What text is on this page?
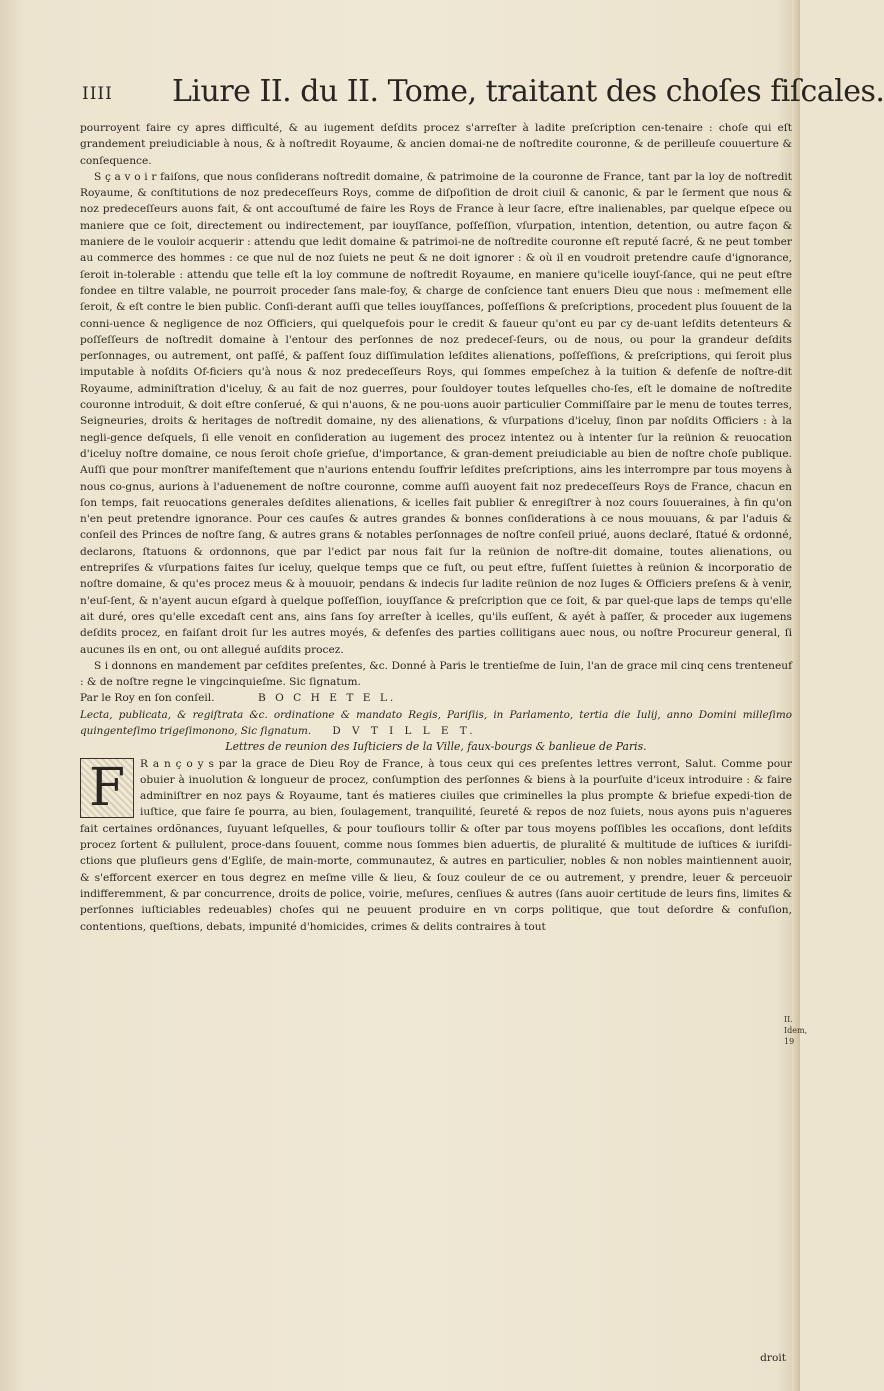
IIII Liure II. du II. Tome, traitant des choſes fiſcales.

pourroyent faire cy apres difficulté, & au iugement deſdits procez s'arreſter à ladite preſcription cen-tenaire : choſe qui eſt grandement preiudiciable à nous, & à noſtredit Royaume, & ancien domai-ne de noſtredite couronne, & de perilleuſe couuerture & conſequence.

S ç a v o i r faiſons, que nous conſiderans noſtredit domaine, & patrimoine de la couronne de France, tant par la loy de noſtredit Royaume, & conſtitutions de noz predeceſſeurs Roys, comme de diſpoſition de droit ciuil & canonic, & par le ſerment que nous & noz predeceſſeurs auons fait, & ont accouſtumé de faire les Roys de France à leur ſacre, eſtre inalienables, par quelque eſpece ou maniere que ce ſoit, directement ou indirectement, par iouyſſance, poſſeſſion, vſurpation, intention, detention, ou autre façon & maniere de le vouloir acquerir : attendu que ledit domaine & patrimoi-ne de noſtredite couronne eſt reputé ſacré, & ne peut tomber au commerce des hommes : ce que nul de noz ſuiets ne peut & ne doit ignorer : & où il en voudroit pretendre cauſe d'ignorance, ſeroit in-tolerable : attendu que telle eſt la loy commune de noſtredit Royaume, en maniere qu'icelle iouyſ-ſance, qui ne peut eſtre fondee en tiltre valable, ne pourroit proceder ſans male-foy, & charge de conſcience tant enuers Dieu que nous : meſmement elle ſeroit, & eſt contre le bien public. Conſi-derant auſſi que telles iouyſſances, poſſeſſions & preſcriptions, procedent plus ſouuent de la conni-uence & negligence de noz Officiers, qui quelquefois pour le credit & faueur qu'ont eu par cy de-uant leſdits detenteurs & poſſeſſeurs de noſtredit domaine à l'entour des perſonnes de noz predeceſ-ſeurs, ou de nous, ou pour la grandeur deſdits perſonnages, ou autrement, ont paſſé, & paſſent ſouz diſſimulation leſdites alienations, poſſeſſions, & preſcriptions, qui ſeroit plus imputable à noſdits Of-ficiers qu'à nous & noz predeceſſeurs Roys, qui ſommes empeſchez à la tuition & defenſe de noſtre-dit Royaume, adminiſtration d'iceluy, & au fait de noz guerres, pour ſouldoyer toutes leſquelles cho-ſes, eſt le domaine de noſtredite couronne introduit, & doit eſtre conſerué, & qui n'auons, & ne pou-uons auoir particulier Commiſſaire par le menu de toutes terres, Seigneuries, droits & heritages de noſtredit domaine, ny des alienations, & vſurpations d'iceluy, ſinon par noſdits Officiers : à la negli-gence deſquels, ſi elle venoit en conſideration au iugement des procez intentez ou à intenter ſur la reünion & reuocation d'iceluy noſtre domaine, ce nous ſeroit choſe grieſue, d'importance, & gran-dement preiudiciable au bien de noſtre choſe publique. Auſſi que pour monſtrer manifeſtement que n'aurions entendu ſouffrir leſdites preſcriptions, ains les interrompre par tous moyens à nous co-gnus, aurions à l'aduenement de noſtre couronne, comme auſſi auoyent fait noz predeceſſeurs Roys de France, chacun en ſon temps, fait reuocations generales deſdites alienations, & icelles fait publier & enregiſtrer à noz cours ſouueraines, à fin qu'on n'en peut pretendre ignorance. Pour ces cauſes & autres grandes & bonnes conſiderations à ce nous mouuans, & par l'aduis & conſeil des Princes de noſtre ſang, & autres grans & notables perſonnages de noſtre conſeil priué, auons declaré, ſtatué & ordonné, declarons, ſtatuons & ordonnons, que par l'edict par nous fait ſur la reünion de noſtre-dit domaine, toutes alienations, ou entrepriſes & vſurpations faites ſur iceluy, quelque temps que ce fuſt, ou peut eſtre, fuſſent ſuiettes à reünion & incorporatio de noſtre domaine, & qu'es procez meus & à mouuoir, pendans & indecis ſur ladite reünion de noz Iuges & Officiers preſens & à venir, n'euſ-ſent, & n'ayent aucun eſgard à quelque poſſeſſion, iouyſſance & preſcription que ce ſoit, & par quel-que laps de temps qu'elle ait duré, ores qu'elle excedaſt cent ans, ains ſans ſoy arreſter à icelles, qu'ils euſſent, & ayét à paſſer, & proceder aux iugemens deſdits procez, en faiſant droit ſur les autres moyés, & defenſes des parties collitigans auec nous, ou noſtre Procureur general, ſi aucunes ils en ont, ou ont allegué auſdits procez.

S i donnons en mandement par ceſdites preſentes, &c. Donné à Paris le trentieſme de Iuin, l'an de grace mil cinq cens trenteneuf : & de noſtre regne le vingcinquieſme. Sic ſignatum.

Par le Roy en ſon conſeil.	B O C H E T E L.

Lecta, publicata, & regiſtrata &c. ordinatione & mandato Regis, Pariſiis, in Parlamento, tertia die Iulij, anno Domini milleſimo quingenteſimo trigeſimonono, Sic ſignatum. D V T I L L E T.

Lettres de reunion des Iuſticiers de la Ville, faux-bourgs & banlieue de Paris.

F	R a n ç o y s par la grace de Dieu Roy de France, à tous ceux qui ces preſentes lettres verront, Salut. Comme pour obuier à inuolution & longueur de procez, conſumption des perſonnes & biens à la pourſuite d'iceux introduire : & faire adminiſtrer en noz pays & Royaume, tant és matieres ciuiles que criminelles la plus prompte & briefue expedi-tion de iuſtice, que faire ſe pourra, au bien, ſoulagement, tranquilité, ſeureté & repos de noz ſuiets, nous ayons puis n'agueres fait certaines ordõnances, ſuyuant leſquelles, & pour touſiours tollir & oſter par tous moyens poſſibles les occaſions, dont leſdits procez ſortent & pullulent, proce-dans ſouuent, comme nous ſommes bien aduertis, de pluralité & multitude de iuſtices & iuriſdi-ctions que pluſieurs gens d'Egliſe, de main-morte, communautez, & autres en particulier, nobles & non nobles maintiennent auoir, & s'efforcent exercer en tous degrez en meſme ville & lieu, & ſouz couleur de ce ou autrement, y prendre, leuer & perceuoir indifferemment, & par concurrence, droits de police, voirie, meſures, cenſiues & autres (ſans auoir certitude de leurs fins, limites & perſonnes iuſticiables redeuables) choſes qui ne peuuent produire en vn corps politique, que tout deſordre & confuſion, contentions, queſtions, debats, impunité d'homicides, crimes & delits contraires à tout

II. Idem, 19
droit
